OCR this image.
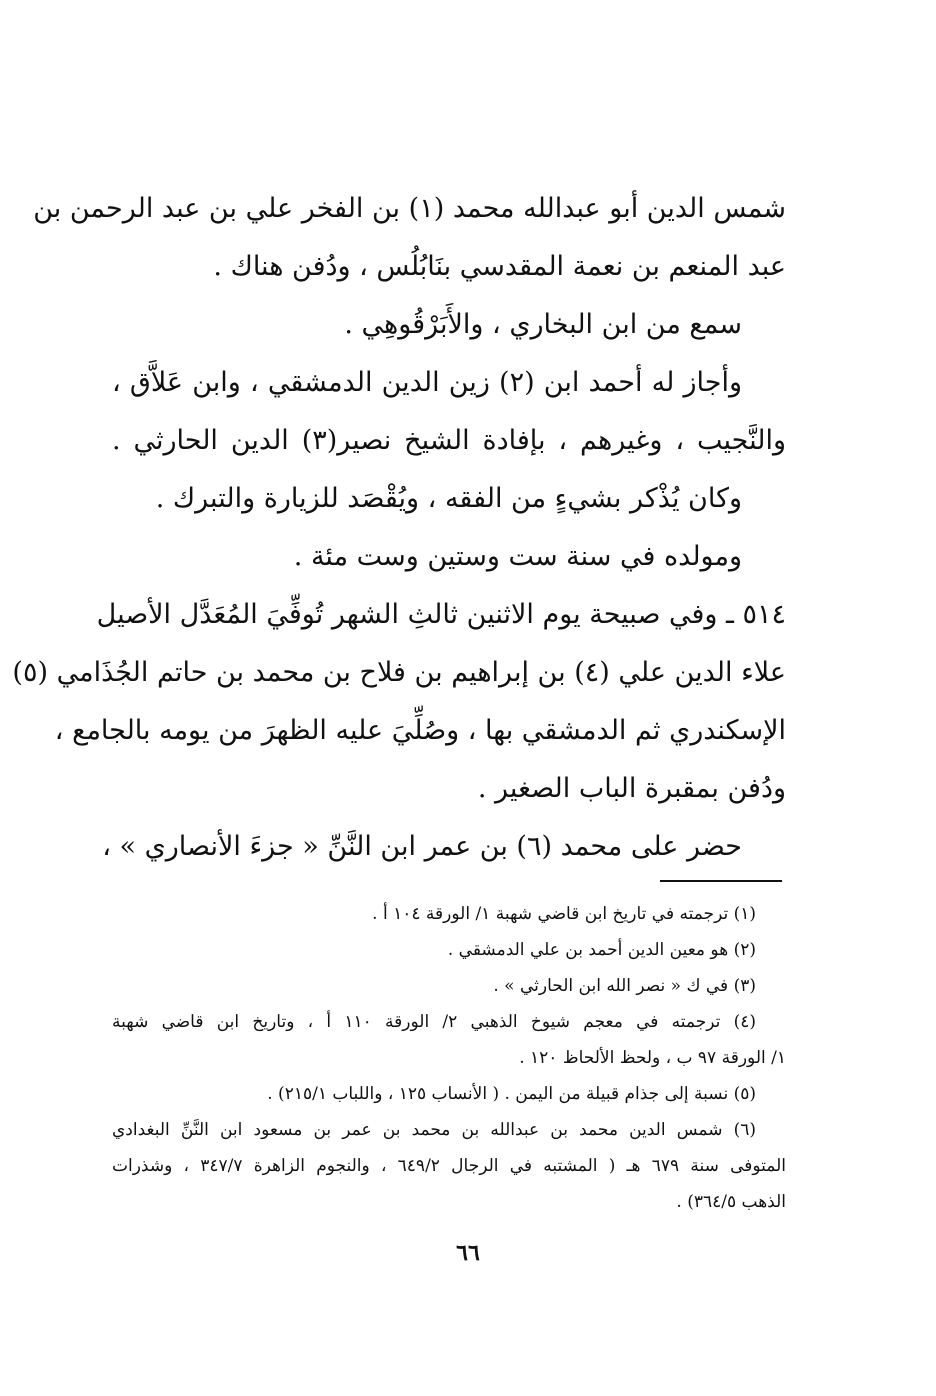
شمس الدين أبو عبدالله محمد (١) بن الفخر علي بن عبد الرحمن بن
عبد المنعم بن نعمة المقدسي بنَابُلُس ، ودُفن هناك .
سمع من ابن البخاري ، والأَبَرْقُوهِي .
وأجاز له أحمد ابن (٢) زين الدين الدمشقي ، وابن عَلاَّق ،
والنَّجيب ، وغيرهم ، بإفادة الشيخ نصير(٣) الدين الحارثي .
وكان يُذْكر بشيءٍ من الفقه ، ويُقْصَد للزيارة والتبرك .
ومولده في سنة ست وستين وست مئة .
٥١٤ ـ وفي صبيحة يوم الاثنين ثالثِ الشهر تُوفِّيَ المُعَدَّل الأصيل
علاء الدين علي (٤) بن إبراهيم بن فلاح بن محمد بن حاتم الجُذَامي (٥)
الإسكندري ثم الدمشقي بها ، وصُلِّيَ عليه الظهرَ من يومه بالجامع ،
ودُفن بمقبرة الباب الصغير .
حضر على محمد (٦) بن عمر ابن النَّنِّ « جزءَ الأنصاري » ،
(١) ترجمته في تاريخ ابن قاضي شهبة ١/ الورقة ١٠٤ أ .
(٢) هو معين الدين أحمد بن علي الدمشقي .
(٣) في ك « نصر الله ابن الحارثي » .
(٤) ترجمته في معجم شيوخ الذهبي ٢/ الورقة ١١٠ أ ، وتاريخ ابن قاضي شهبة
١/ الورقة ٩٧ ب ، ولحظ الألحاظ ١٢٠ .
(٥) نسبة إلى جذام قبيلة من اليمن . ( الأنساب ١٢٥ ، واللباب ٢١٥/١) .
(٦) شمس الدين محمد بن عبدالله بن محمد بن عمر بن مسعود ابن النَّنِّ البغدادي
المتوفى سنة ٦٧٩ هـ ( المشتبه في الرجال ٦٤٩/٢ ، والنجوم الزاهرة ٣٤٧/٧ ، وشذرات
الذهب ٣٦٤/٥) .
٦٦
